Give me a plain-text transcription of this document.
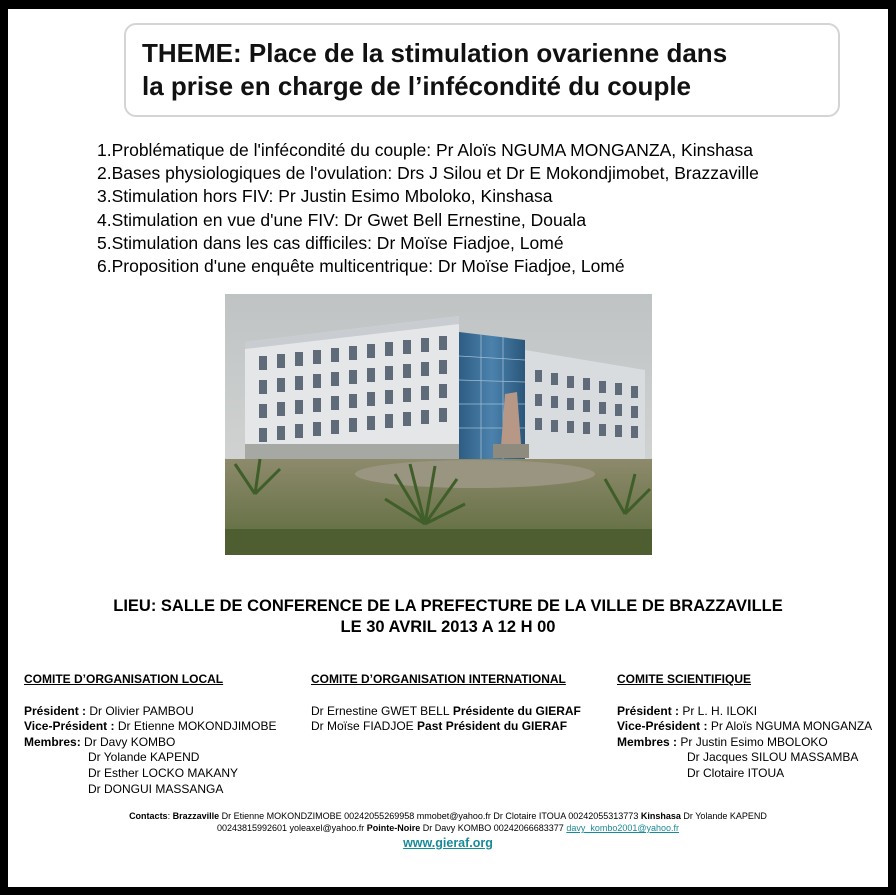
THEME: Place de la stimulation ovarienne dans
la prise en charge de l’infécondité du couple
1.Problématique de l'infécondité du couple: Pr Aloïs NGUMA MONGANZA, Kinshasa
2.Bases physiologiques de l'ovulation: Drs J Silou et Dr E Mokondjimobet, Brazzaville
3.Stimulation hors FIV: Pr Justin Esimo Mboloko, Kinshasa
4.Stimulation en vue d'une FIV: Dr Gwet Bell Ernestine, Douala
5.Stimulation dans les cas difficiles: Dr Moïse Fiadjoe, Lomé
6.Proposition d'une enquête multicentrique: Dr Moïse Fiadjoe, Lomé
LIEU: SALLE DE CONFERENCE DE LA PREFECTURE DE LA VILLE DE BRAZZAVILLE
LE 30 AVRIL 2013 A 12 H 00
COMITE D’ORGANISATION LOCAL
Président : Dr Olivier PAMBOU
Vice-Président : Dr Etienne MOKONDJIMOBE
Membres: Dr Davy KOMBO
Dr Yolande KAPEND
Dr Esther LOCKO MAKANY
Dr DONGUI MASSANGA
COMITE D’ORGANISATION INTERNATIONAL
Dr Ernestine GWET BELL Présidente du GIERAF
Dr Moïse FIADJOE Past Président du GIERAF
COMITE SCIENTIFIQUE
Président : Pr L. H. ILOKI
Vice-Président : Pr Aloïs NGUMA MONGANZA
Membres : Pr Justin Esimo MBOLOKO
Dr Jacques SILOU MASSAMBA
Dr Clotaire ITOUA
Contacts: Brazzaville Dr Etienne MOKONDZIMOBE 00242055269958 mmobet@yahoo.fr Dr Clotaire ITOUA 00242055313773 Kinshasa Dr Yolande KAPEND
00243815992601 yoleaxel@yahoo.fr Pointe-Noire Dr Davy KOMBO 00242066683377 davy_kombo2001@yahoo.fr
www.gieraf.org
